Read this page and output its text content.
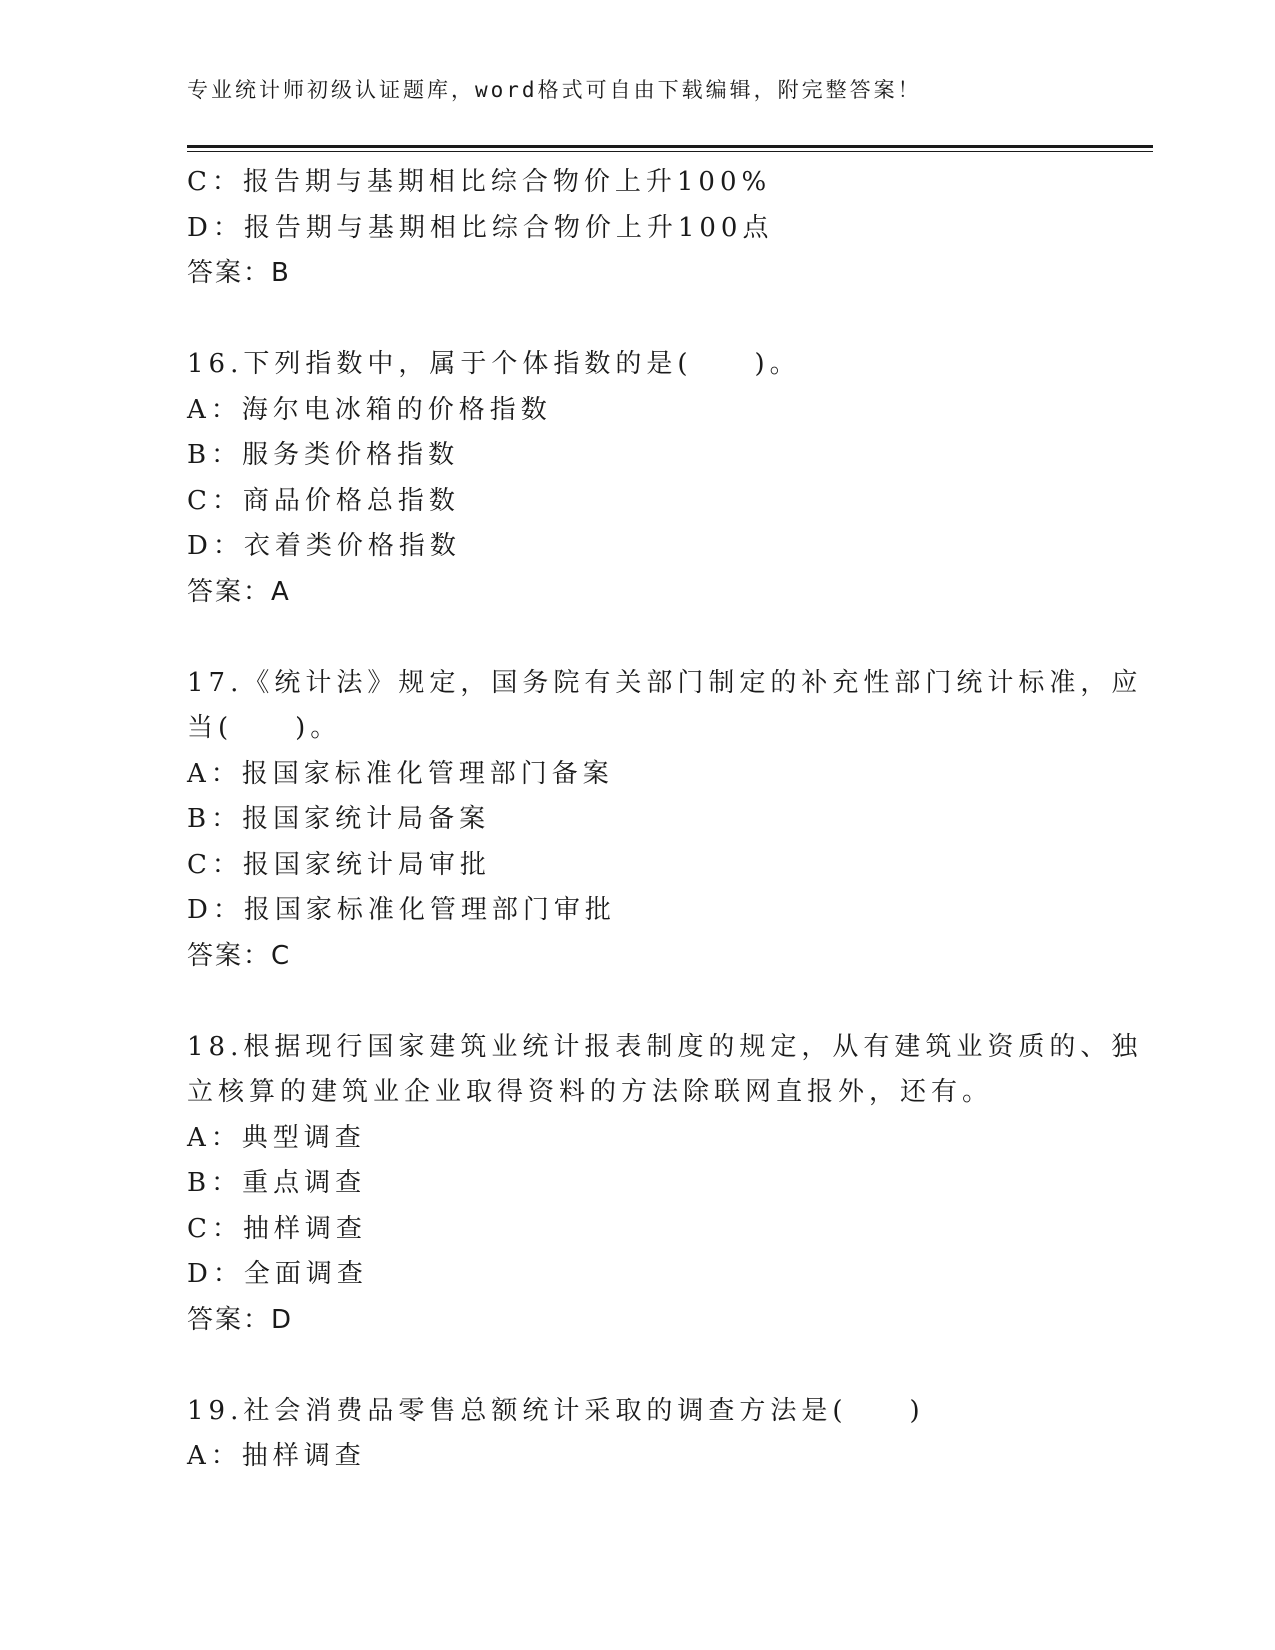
专业统计师初级认证题库，word格式可自由下载编辑，附完整答案！
C：报告期与基期相比综合物价上升100%
D：报告期与基期相比综合物价上升100点
答案：B
16.下列指数中，属于个体指数的是(　　)。
A：海尔电冰箱的价格指数
B：服务类价格指数
C：商品价格总指数
D：衣着类价格指数
答案：A
17.《统计法》规定，国务院有关部门制定的补充性部门统计标准，应
当(　　)。
A：报国家标准化管理部门备案
B：报国家统计局备案
C：报国家统计局审批
D：报国家标准化管理部门审批
答案：C
18.根据现行国家建筑业统计报表制度的规定，从有建筑业资质的、独
立核算的建筑业企业取得资料的方法除联网直报外，还有。
A：典型调查
B：重点调查
C：抽样调查
D：全面调查
答案：D
19.社会消费品零售总额统计采取的调查方法是(　　)
A：抽样调查
